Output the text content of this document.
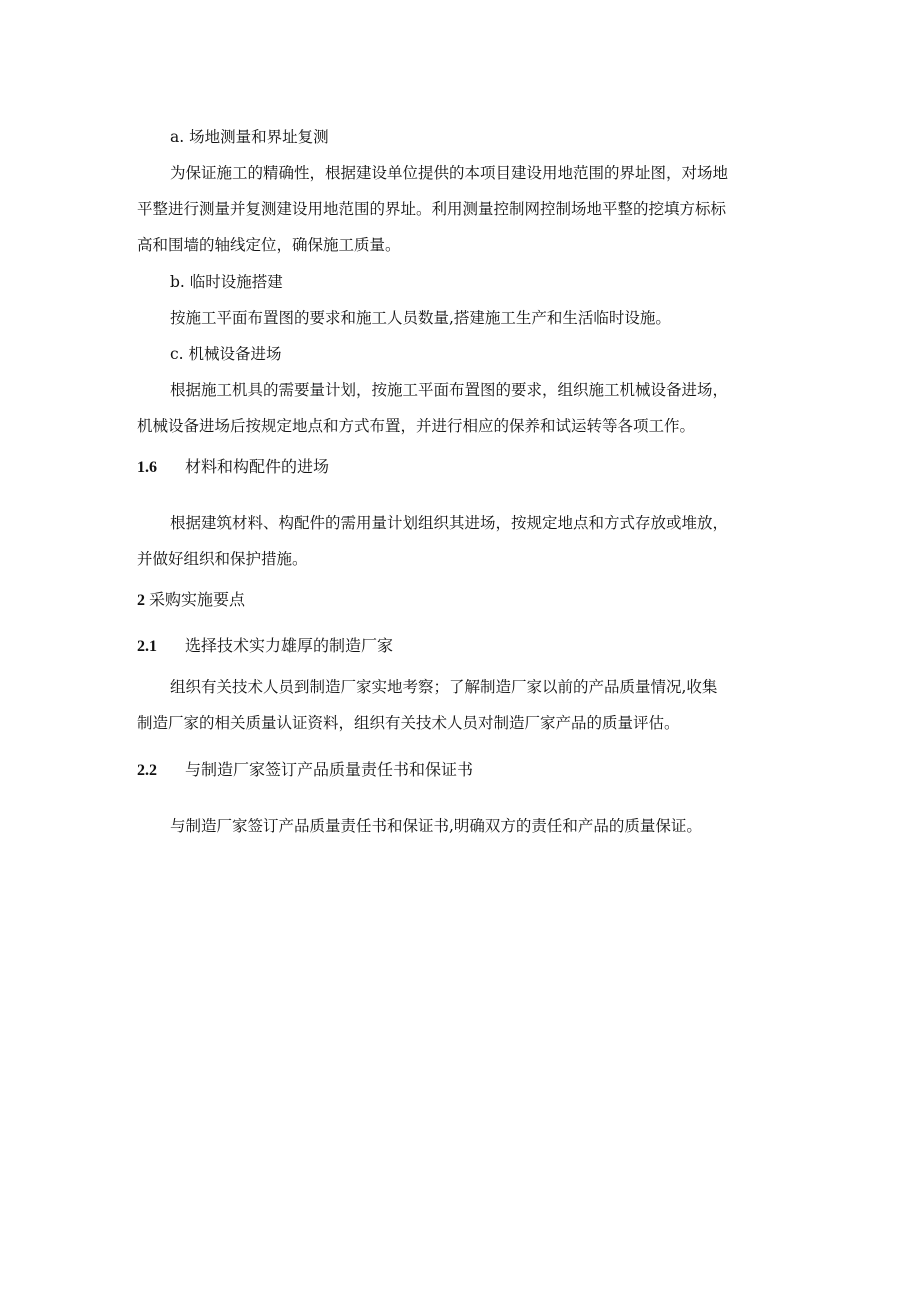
a. 场地测量和界址复测

为保证施工的精确性，根据建设单位提供的本项目建设用地范围的界址图，对场地

平整进行测量并复测建设用地范围的界址。利用测量控制网控制场地平整的挖填方标标

高和围墙的轴线定位，确保施工质量。

b. 临时设施搭建

按施工平面布置图的要求和施工人员数量,搭建施工生产和生活临时设施。

c. 机械设备进场

根据施工机具的需要量计划，按施工平面布置图的要求，组织施工机械设备进场，

机械设备进场后按规定地点和方式布置，并进行相应的保养和试运转等各项工作。

1.6 材料和构配件的进场

根据建筑材料、构配件的需用量计划组织其进场，按规定地点和方式存放或堆放，

并做好组织和保护措施。

2 采购实施要点

2.1 选择技术实力雄厚的制造厂家

组织有关技术人员到制造厂家实地考察；了解制造厂家以前的产品质量情况,收集

制造厂家的相关质量认证资料，组织有关技术人员对制造厂家产品的质量评估。

2.2 与制造厂家签订产品质量责任书和保证书

与制造厂家签订产品质量责任书和保证书,明确双方的责任和产品的质量保证。
